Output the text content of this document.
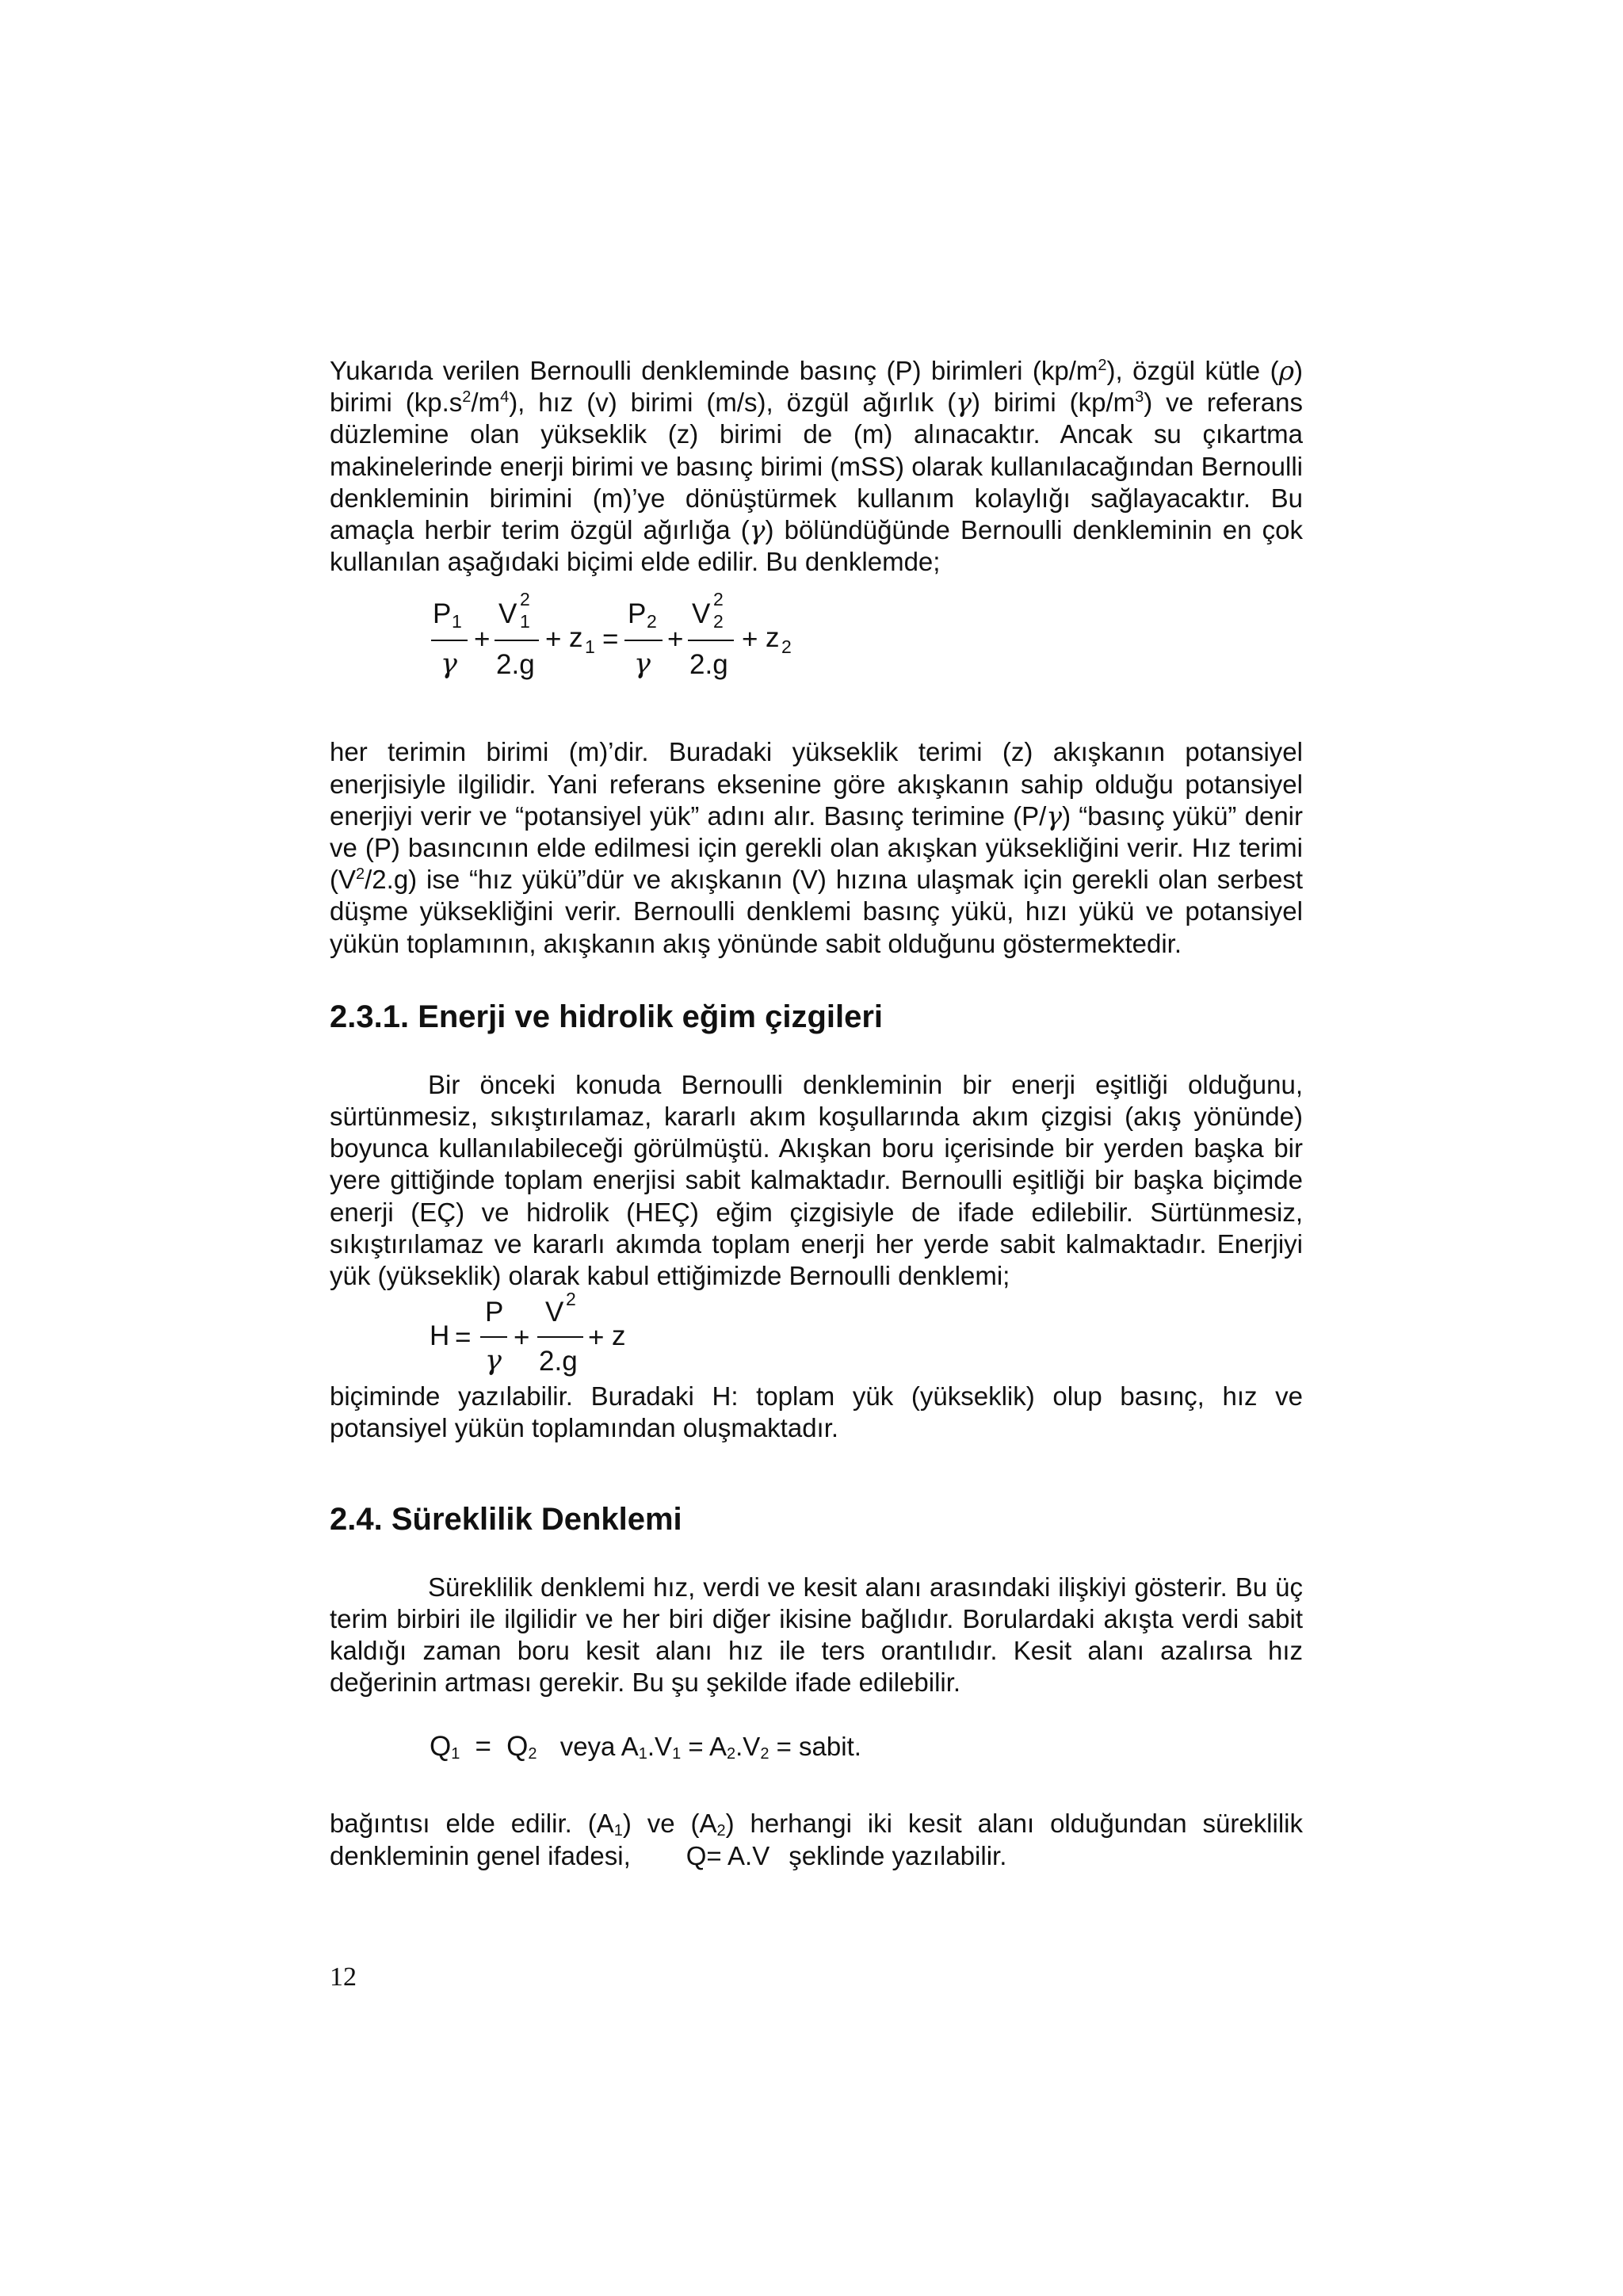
Yukarıda verilen Bernoulli denkleminde basınç (P) birimleri $(kp/m^2)$, özgül kütle (ρ) birimi $(kp.s^2/m^4)$, hız (v) birimi (m/s), özgül ağırlık (γ) birimi $(kp/m^3)$ ve referans düzlemine olan yükseklik (z) birimi de (m) alınacaktır. Ancak su çıkartma makinelerinde enerji birimi ve basınç birimi (mSS) olarak kullanılacağından Bernoulli denkleminin birimini (m)’ye dönüştürmek kullanım kolaylığı sağlayacaktır. Bu amaçla herbir terim özgül ağırlığa (γ) bölündüğünde Bernoulli denkleminin en çok kullanılan aşağıdaki biçimi elde edilir. Bu denklemde;

P 1
γ
+
V 2
1
2.g
+ z 1 =
P 2
γ
+
V 2
2
2.g
+ z 2

her terimin birimi (m)’dir. Buradaki yükseklik terimi (z) akışkanın potansiyel enerjisiyle ilgilidir. Yani referans eksenine göre akışkanın sahip olduğu potansiyel enerjiyi verir ve “potansiyel yük” adını alır. Basınç terimine (P/γ) “basınç yükü” denir ve (P) basıncının elde edilmesi için gerekli olan akışkan yüksekliğini verir. Hız terimi $(V^2/2.g)$ ise “hız yükü”dür ve akışkanın (V) hızına ulaşmak için gerekli olan serbest düşme yüksekliğini verir. Bernoulli denklemi basınç yükü, hızı yükü ve potansiyel yükün toplamının, akışkanın akış yönünde sabit olduğunu göstermektedir.

2.3.1. Enerji ve hidrolik eğim çizgileri

Bir önceki konuda Bernoulli denkleminin bir enerji eşitliği olduğunu, sürtünmesiz, sıkıştırılamaz, kararlı akım koşullarında akım çizgisi (akış yönünde) boyunca kullanılabileceği görülmüştü. Akışkan boru içerisinde bir yerden başka bir yere gittiğinde toplam enerjisi sabit kalmaktadır. Bernoulli eşitliği bir başka biçimde enerji (EÇ) ve hidrolik (HEÇ) eğim çizgisiyle de ifade edilebilir. Sürtünmesiz, sıkıştırılamaz ve kararlı akımda toplam enerji her yerde sabit kalmaktadır. Enerjiyi yük (yükseklik) olarak kabul ettiğimizde Bernoulli denklemi;

H =
P
γ
+
V 2
2.g
+ z

biçiminde yazılabilir. Buradaki H: toplam yük (yükseklik) olup basınç, hız ve potansiyel yükün toplamından oluşmaktadır.

2.4. Süreklilik Denklemi

Süreklilik denklemi hız, verdi ve kesit alanı arasındaki ilişkiyi gösterir. Bu üç terim birbiri ile ilgilidir ve her biri diğer ikisine bağlıdır. Borulardaki akışta verdi sabit kaldığı zaman boru kesit alanı hız ile ters orantılıdır. Kesit alanı azalırsa hız değerinin artması gerekir. Bu şu şekilde ifade edilebilir.

$Q_1 = Q_2$ veya $A_1.V_1 = A_2.V_2$ = sabit.

bağıntısı elde edilir. $(A_1)$ ve $(A_2)$ herhangi iki kesit alanı olduğundan süreklilik denkleminin genel ifadesi, Q= A.V şeklinde yazılabilir.

12
